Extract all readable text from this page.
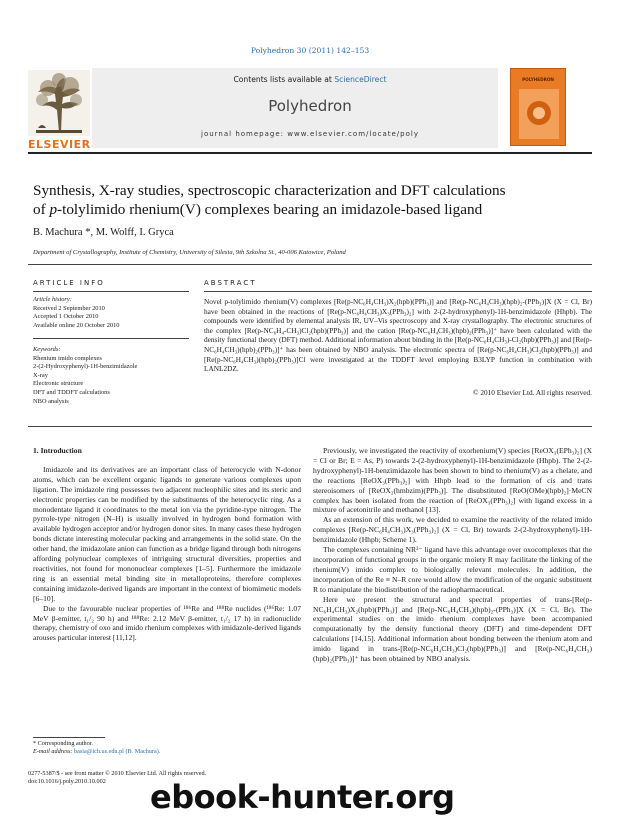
Polyhedron 30 (2011) 142–153
Contents lists available at ScienceDirect
Polyhedron
journal homepage: www.elsevier.com/locate/poly
ELSEVIER
POLYHEDRON
Synthesis, X-ray studies, spectroscopic characterization and DFT calculations
of p-tolylimido rhenium(V) complexes bearing an imidazole-based ligand
B. Machura *, M. Wolff, I. Gryca
Department of Crystallography, Institute of Chemistry, University of Silesia, 9th Szkolna St., 40-006 Katowice, Poland
ARTICLE INFO
Article history:
Received 2 September 2010
Accepted 1 October 2010
Available online 20 October 2010
Keywords:
Rhenium imido complexes
2-(2-Hydroxyphenyl)-1H-benzimidazole
X-ray
Electronic structure
DFT and TDDFT calculations
NBO analysis
ABSTRACT
Novel p-tolylimido rhenium(V) complexes [Re(p-NC₆H₄CH₃)X₂(hpb)(PPh₃)] and [Re(p-NC₆H₄CH₃)(hpb)₂-(PPh₃)]X (X = Cl, Br) have been obtained in the reactions of [Re(p-NC₆H₄CH₃)X₃(PPh₃)₂] with 2-(2-hydroxyphenyl)-1H-benzimidazole (Hhpb). The compounds were identified by elemental analysis IR, UV–Vis spectroscopy and X-ray crystallography. The electronic structures of the complex [Re(p-NC₆H₄-CH₃)Cl₂(hpb)(PPh₃)] and the cation [Re(p-NC₆H₄CH₃)(hpb)₂(PPh₃)]⁺ have been calculated with the density functional theory (DFT) method. Additional information about binding in the [Re(p-NC₆H₄CH₃)-Cl₂(hpb)(PPh₃)] and [Re(p-NC₆H₄CH₃)(hpb)₂(PPh₃)]⁺ has been obtained by NBO analysis. The electronic spectra of [Re(p-NC₆H₄CH₃)Cl₂(hpb)(PPh₃)] and [Re(p-NC₆H₄CH₃)(hpb)₂(PPh₃)]Cl were investigated at the TDDFT level employing B3LYP function in combination with LANL2DZ.
© 2010 Elsevier Ltd. All rights reserved.
1. Introduction

Imidazole and its derivatives are an important class of heterocycle with N-donor atoms, which can be excellent organic ligands to generate various complexes upon ligation. The imidazole ring possesses two adjacent nucleophilic sites and its steric and electronic properties can be modified by the substituents of the heterocyclic ring. As a monodentate ligand it coordinates to the metal ion via the pyridine-type nitrogen. The pyrrole-type nitrogen (N–H) is usually involved in hydrogen bond formation with available hydrogen acceptor and/or hydrogen donor sites. In many cases these hydrogen bonds dictate interesting molecular packing and arrangements in the solid state. On the other hand, the imidazolate anion can function as a bridge ligand through both nitrogens affording polynuclear complexes of intriguing structural diversities, properties and reactivities, not found for mononuclear complexes [1–5]. Furthermore the imidazole ring is an essential metal binding site in metalloproteins, therefore complexes containing imidazole-derived ligands are important in the context of biomimetic models [6–10].

Due to the favourable nuclear properties of ¹⁸⁶Re and ¹⁸⁸Re nuclides (¹⁸⁶Re: 1.07 MeV β-emitter, t₁/₂ 90 h) and ¹⁸⁸Re: 2.12 MeV β-emitter, t₁/₂ 17 h) in radionuclide therapy, chemistry of oxo and imido rhenium complexes with imidazole-derived ligands arouses particular interest [11,12].

Previously, we investigated the reactivity of oxorhenium(V) species [ReOX₃(EPh₃)₂] (X = Cl or Br; E = As, P) towards 2-(2-hydroxyphenyl)-1H-benzimidazole (Hhpb). The 2-(2-hydroxyphenyl)-1H-benzimidazole has been shown to bind to rhenium(V) as a chelate, and the reactions [ReOX₃(PPh₃)₂] with Hhpb lead to the formation of cis and trans stereoisomers of [ReOX₂(hmbzim)(PPh₃)]. The disubstituted [ReO(OMe)(hpb)₂]·MeCN complex has been isolated from the reaction of [ReOX₃(PPh₃)₂] with ligand excess in a mixture of acetonitrile and methanol [13].

As an extension of this work, we decided to examine the reactivity of the related imido complexes [Re(p-NC₆H₄CH₃)X₃(PPh₃)₂] (X = Cl, Br) towards 2-(2-hydroxyphenyl)-1H-benzimidazole (Hhpb; Scheme 1).

The complexes containing NR²⁻ ligand have this advantage over oxocomplexes that the incorporation of functional groups in the organic moiety R may facilitate the linking of the rhenium(V) imido complex to biologically relevant molecules. In addition, the incorporation of the Re ≡ N–R core would allow the modification of the organic substituent R to manipulate the biodistribution of the radiopharmaceutical.

Here we present the structural and spectral properties of trans-[Re(p-NC₆H₄CH₃)X₂(hpb)(PPh₃)] and [Re(p-NC₆H₄CH₃)(hpb)₂-(PPh₃)]X (X = Cl, Br). The experimental studies on the imido rhenium complexes have been accompanied computationally by the density functional theory (DFT) and time-dependent DFT calculations [14,15]. Additional information about bonding between the rhenium atom and imido ligand in trans-[Re(p-NC₆H₄CH₃)Cl₂(hpb)(PPh₃)] and [Re(p-NC₆H₄CH₃)(hpb)₂(PPh₃)]⁺ has been obtained by NBO analysis.

* Corresponding author.
E-mail address: basia@ich.us.edu.pl (B. Machura).
0277-5387/$ - see front matter © 2010 Elsevier Ltd. All rights reserved.
doi:10.1016/j.poly.2010.10.002	ebook-hunter.org
